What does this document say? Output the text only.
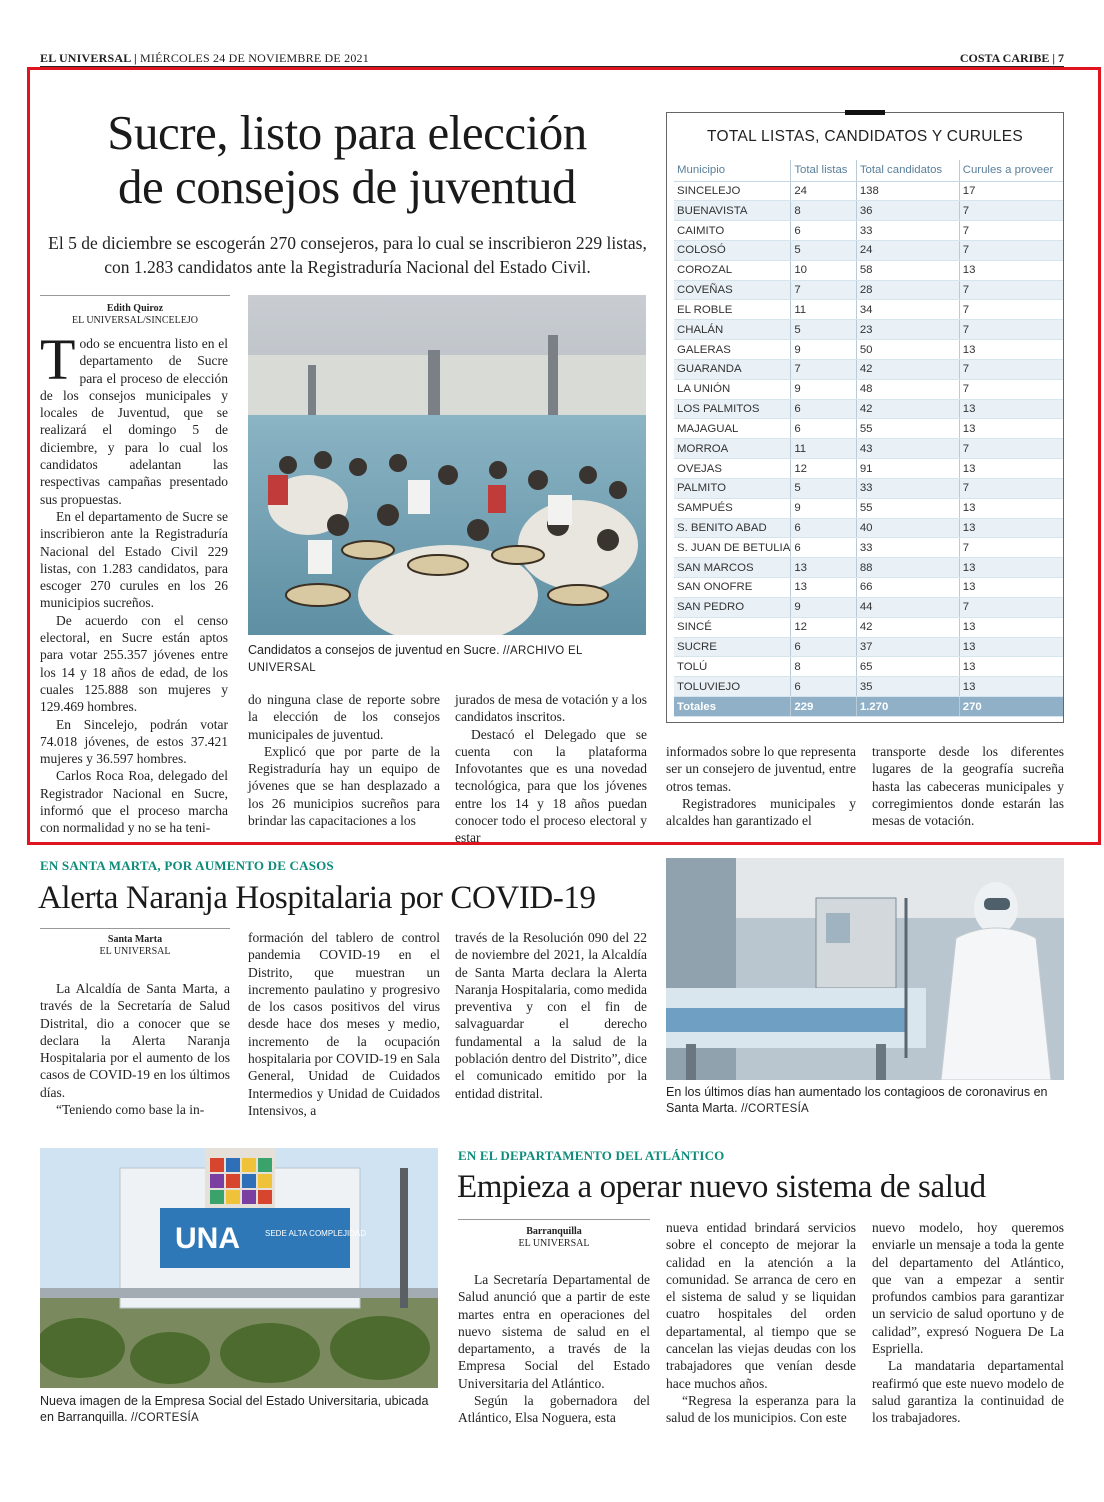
EL UNIVERSAL | MIÉRCOLES 24 DE NOVIEMBRE DE 2021	COSTA CARIBE | 7
Sucre, listo para elección
de consejos de juventud
El 5 de diciembre se escogerán 270 consejeros, para lo cual se inscribieron 229 listas, con 1.283 candidatos ante la Registraduría Nacional del Estado Civil.
Edith Quiroz
EL UNIVERSAL/SINCELEJO

Todo se encuentra listo en el departamento de Sucre para el proceso de elección de los consejos municipales y locales de Juventud, que se realizará el domingo 5 de diciembre, y para lo cual los candidatos adelantan las respectivas campañas presentado sus propuestas.

En el departamento de Sucre se inscribieron ante la Registraduría Nacional del Estado Civil 229 listas, con 1.283 candidatos, para escoger 270 curules en los 26 municipios sucreños.

De acuerdo con el censo electoral, en Sucre están aptos para votar 255.357 jóvenes entre los 14 y 18 años de edad, de los cuales 125.888 son mujeres y 129.469 hombres.

En Sincelejo, podrán votar 74.018 jóvenes, de estos 37.421 mujeres y 36.597 hombres.

Carlos Roca Roa, delegado del Registrador Nacional en Sucre, informó que el proceso marcha con normalidad y no se ha teni-

Candidatos a consejos de juventud en Sucre. //ARCHIVO EL UNIVERSAL

do ninguna clase de reporte sobre la elección de los consejos municipales de juventud.

Explicó que por parte de la Registraduría hay un equipo de jóvenes que se han desplazado a los 26 municipios sucreños para brindar las capacitaciones a los

jurados de mesa de votación y a los candidatos inscritos.

Destacó el Delegado que se cuenta con la plataforma Infovotantes que es una novedad tecnológica, para que los jóvenes entre los 14 y 18 años puedan conocer todo el proceso electoral y estar

informados sobre lo que representa ser un consejero de juventud, entre otros temas.

Registradores municipales y alcaldes han garantizado el

transporte desde los diferentes lugares de la geografía sucreña hasta las cabeceras municipales y corregimientos donde estarán las mesas de votación.

TOTAL LISTAS, CANDIDATOS Y CURULES
Municipio	Total listas	Total candidatos	Curules a proveer
SINCELEJO	24	138	17
BUENAVISTA	8	36	7
CAIMITO	6	33	7
COLOSÓ	5	24	7
COROZAL	10	58	13
COVEÑAS	7	28	7
EL ROBLE	11	34	7
CHALÁN	5	23	7
GALERAS	9	50	13
GUARANDA	7	42	7
LA UNIÓN	9	48	7
LOS PALMITOS	6	42	13
MAJAGUAL	6	55	13
MORROA	11	43	7
OVEJAS	12	91	13
PALMITO	5	33	7
SAMPUÉS	9	55	13
S. BENITO ABAD	6	40	13
S. JUAN DE BETULIA	6	33	7
SAN MARCOS	13	88	13
SAN ONOFRE	13	66	13
SAN PEDRO	9	44	7
SINCÉ	12	42	13
SUCRE	6	37	13
TOLÚ	8	65	13
TOLUVIEJO	6	35	13
Totales	229	1.270	270
EN SANTA MARTA, POR AUMENTO DE CASOS
Alerta Naranja Hospitalaria por COVID-19
Santa Marta
EL UNIVERSAL

La Alcaldía de Santa Marta, a través de la Secretaría de Salud Distrital, dio a conocer que se declara la Alerta Naranja Hospitalaria por el aumento de los casos de COVID-19 en los últimos días.

“Teniendo como base la in-

formación del tablero de control pandemia COVID-19 en el Distrito, que muestran un incremento paulatino y progresivo de los casos positivos del virus desde hace dos meses y medio, incremento de la ocupación hospitalaria por COVID-19 en Sala General, Unidad de Cuidados Intermedios y Unidad de Cuidados Intensivos, a

través de la Resolución 090 del 22 de noviembre del 2021, la Alcaldía de Santa Marta declara la Alerta Naranja Hospitalaria, como medida preventiva y con el fin de salvaguardar el derecho fundamental a la salud de la población dentro del Distrito”, dice el comunicado emitido por la entidad distrital.	En los últimos días han aumentado los contagioos de coronavirus en Santa Marta. //CORTESÍA
UNA	SEDE ALTA COMPLEJIDAD
Nueva imagen de la Empresa Social del Estado Universitaria, ubicada en Barranquilla. //CORTESÍA
EN EL DEPARTAMENTO DEL ATLÁNTICO
Empieza a operar nuevo sistema de salud
Barranquilla
EL UNIVERSAL

La Secretaría Departamental de Salud anunció que a partir de este martes entra en operaciones del nuevo sistema de salud en el departamento, a través de la Empresa Social del Estado Universitaria del Atlántico.

Según la gobernadora del Atlántico, Elsa Noguera, esta

nueva entidad brindará servicios sobre el concepto de mejorar la calidad en la atención a la comunidad. Se arranca de cero en el sistema de salud y se liquidan cuatro hospitales del orden departamental, al tiempo que se cancelan las viejas deudas con los trabajadores que venían desde hace muchos años.

“Regresa la esperanza para la salud de los municipios. Con este

nuevo modelo, hoy queremos enviarle un mensaje a toda la gente del departamento del Atlántico, que van a empezar a sentir profundos cambios para garantizar un servicio de salud oportuno y de calidad”, expresó Noguera De La Espriella.

La mandataria departamental reafirmó que este nuevo modelo de salud garantiza la continuidad de los trabajadores.
